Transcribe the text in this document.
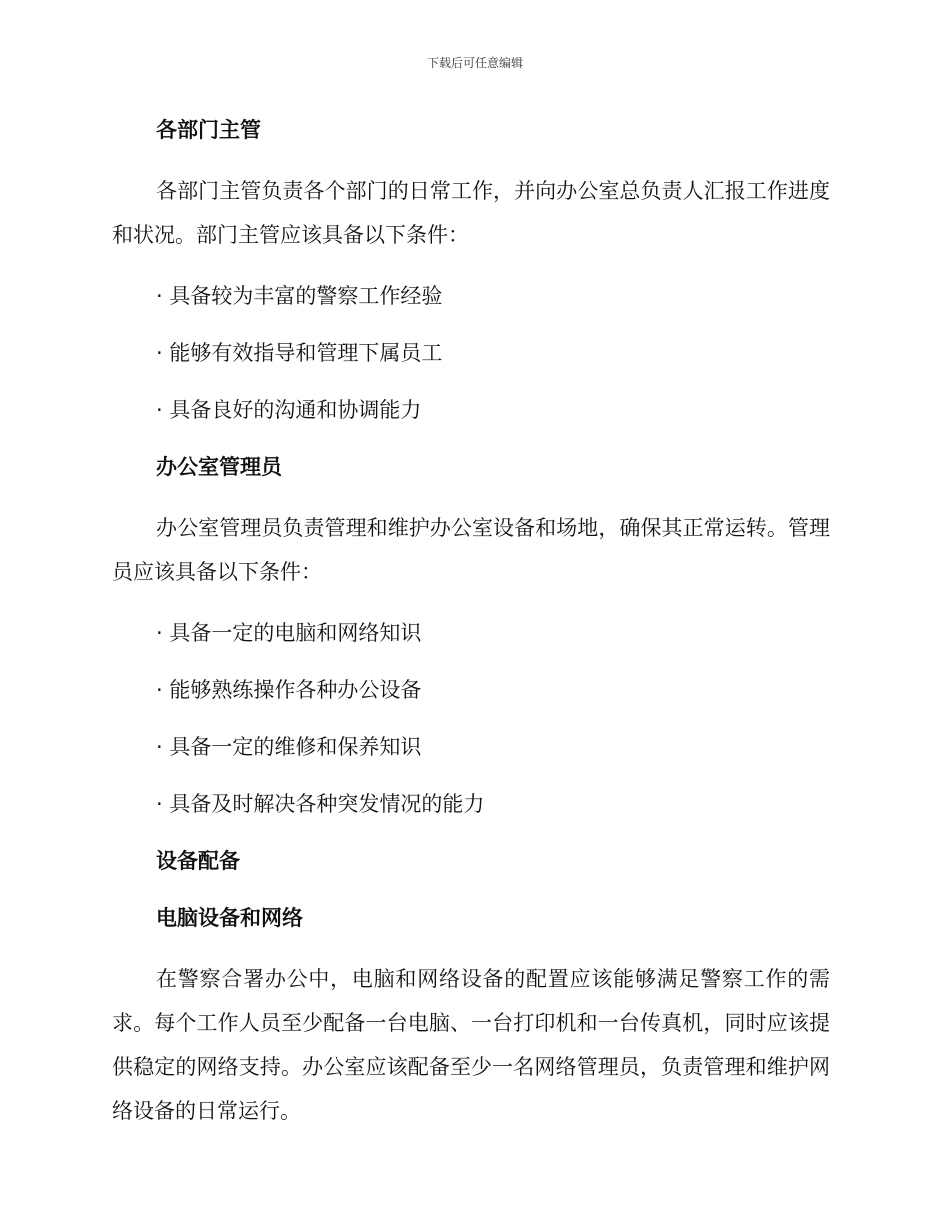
下载后可任意编辑
各部门主管

各部门主管负责各个部门的日常工作，并向办公室总负责人汇报工作进度和状况。部门主管应该具备以下条件：

· 具备较为丰富的警察工作经验
· 能够有效指导和管理下属员工
· 具备良好的沟通和协调能力
办公室管理员

办公室管理员负责管理和维护办公室设备和场地，确保其正常运转。管理员应该具备以下条件：

· 具备一定的电脑和网络知识
· 能够熟练操作各种办公设备
· 具备一定的维修和保养知识
· 具备及时解决各种突发情况的能力
设备配备
电脑设备和网络

在警察合署办公中，电脑和网络设备的配置应该能够满足警察工作的需求。每个工作人员至少配备一台电脑、一台打印机和一台传真机，同时应该提供稳定的网络支持。办公室应该配备至少一名网络管理员，负责管理和维护网络设备的日常运行。
